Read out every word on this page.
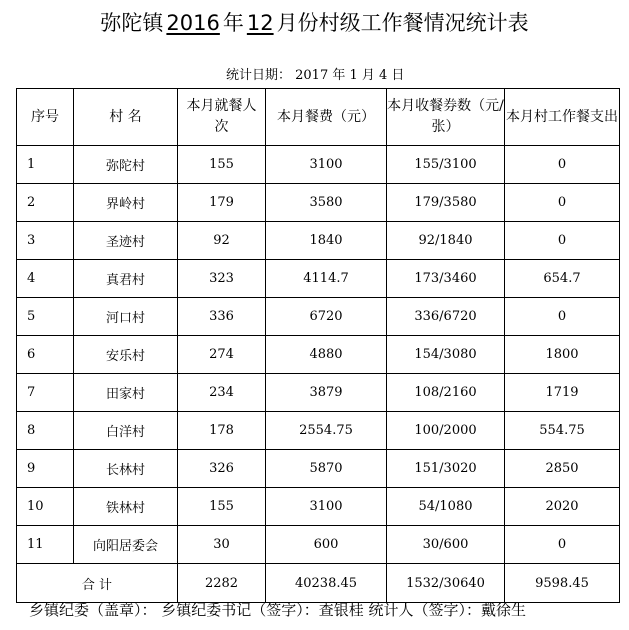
弥陀镇 2016 年 12 月份村级工作餐情况统计表
统计日期： 2017 年 1 月 4 日
序号	村 名	本月就餐人 次	本月餐费（元）	本月收餐券数（元/张）	本月村工作餐支出
1	弥陀村	155	3100	155/3100	0
2	界岭村	179	3580	179/3580	0
3	圣迹村	92	1840	92/1840	0
4	真君村	323	4114.7	173/3460	654.7
5	河口村	336	6720	336/6720	0
6	安乐村	274	4880	154/3080	1800
7	田家村	234	3879	108/2160	1719
8	白洋村	178	2554.75	100/2000	554.75
9	长林村	326	5870	151/3020	2850
10	铁林村	155	3100	54/1080	2020
11	向阳居委会	30	600	30/600	0
合 计		2282	40238.45	1532/30640	9598.45
乡镇纪委（盖章）： 乡镇纪委书记（签字）：查银桂 统计人（签字）：戴徐生
